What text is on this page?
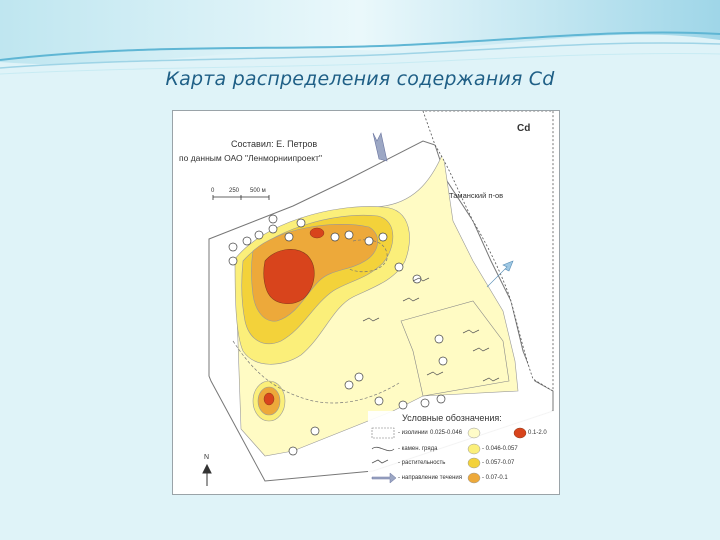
Карта распределения содержания Cd
Составил: Е. Петров
по данным ОАО "Ленморниипроект"
Cd
Таманский п-ов
0 250 500 м
N
Условные обозначения:
- изолинии
- камен. гряда
- растительность
- направление течения
0.025-0.046
- 0.046-0.057
- 0.057-0.07
- 0.07-0.1
0.1-2.0
